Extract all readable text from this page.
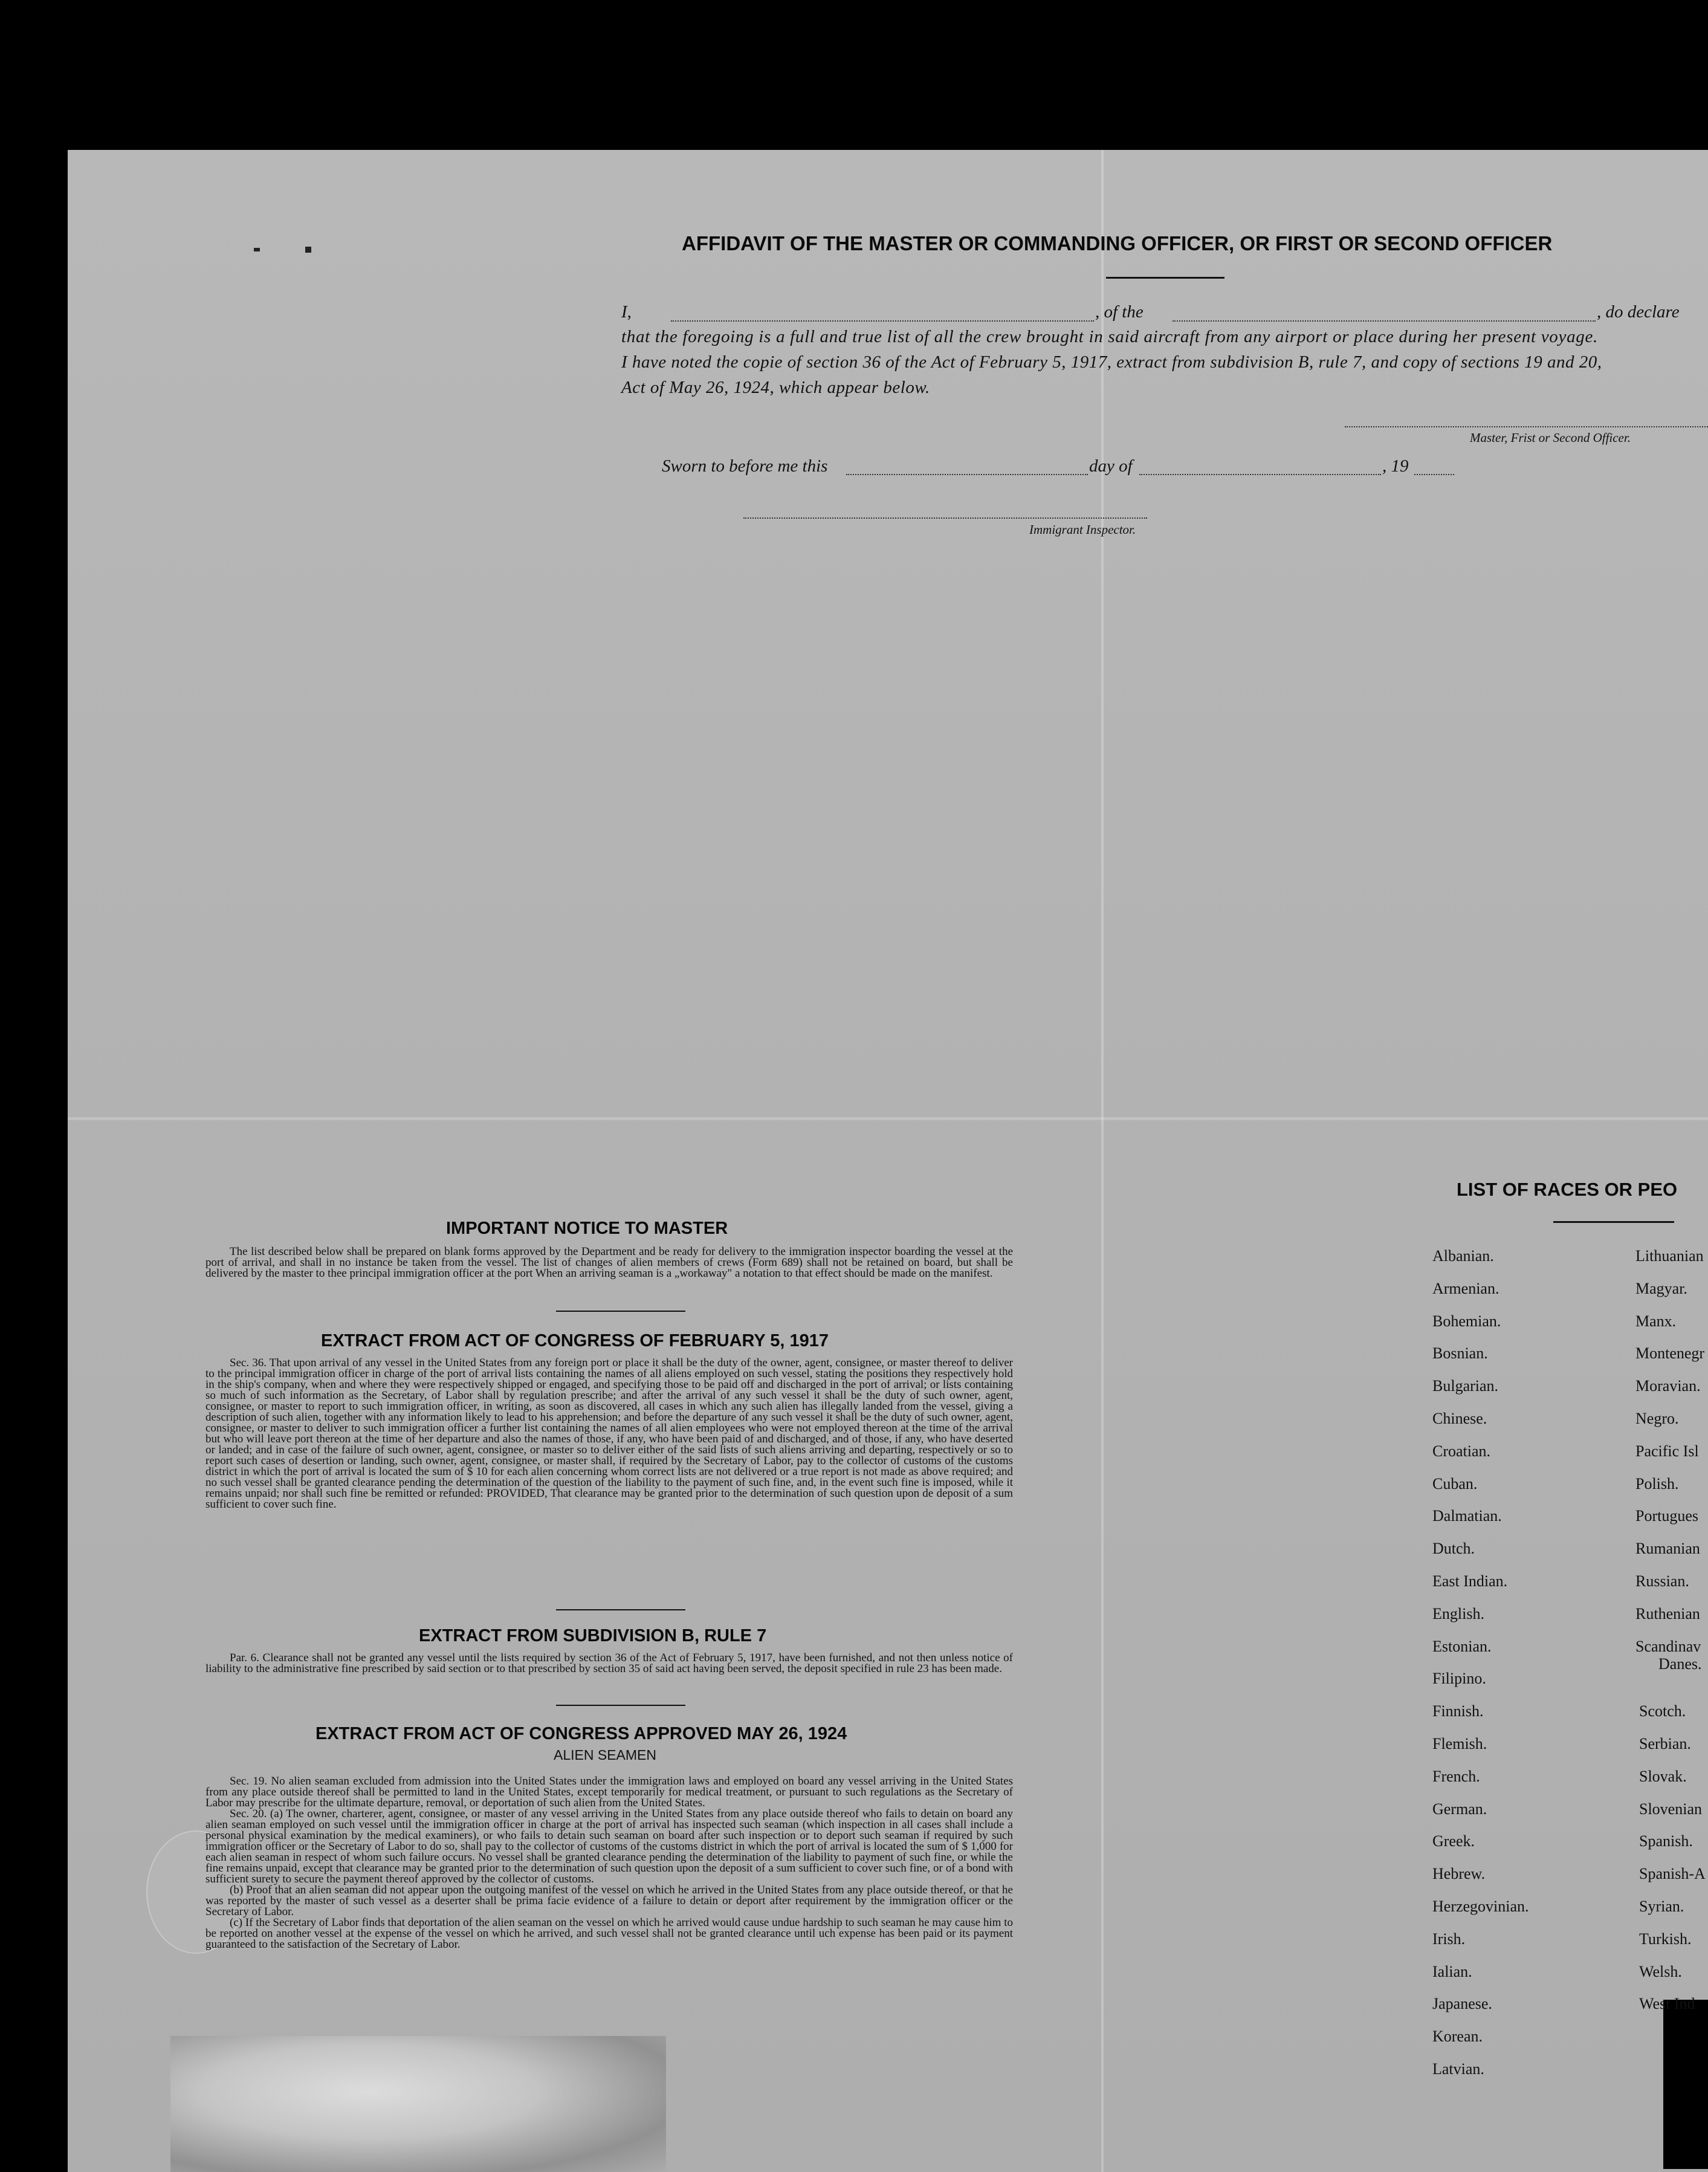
AFFIDAVIT OF THE MASTER OR COMMANDING OFFICER, OR FIRST OR SECOND OFFICER
I,	, of the	, do declare
that the foregoing is a full and true list of all the crew brought in said aircraft from any airport or place during her present voyage.
I have noted the copie of section 36 of the Act of February 5, 1917, extract from subdivision B, rule 7, and copy of sections 19 and 20,
Act of May 26, 1924, which appear below.
Master, Frist or Second Officer.
Sworn to before me this	day of	, 19
Immigrant Inspector.
IMPORTANT NOTICE TO MASTER

The list described below shall be prepared on blank forms approved by the Department and be ready for delivery to the immigration inspector boarding the vessel at the port of arrival, and shall in no instance be taken from the vessel. The list of changes of alien members of crews (Form 689) shall not be retained on board, but shall be delivered by the master to thee principal immigration officer at the port When an arriving seaman is a „workaway" a notation to that effect should be made on the manifest.

EXTRACT FROM ACT OF CONGRESS OF FEBRUARY 5, 1917

Sec. 36. That upon arrival of any vessel in the United States from any foreign port or place it shall be the duty of the owner, agent, consignee, or master thereof to deliver to the principal immigration officer in charge of the port of arrival lists containing the names of all aliens employed on such vessel, stating the positions they respectively hold in the ship's company, when and where they were respectively shipped or engaged, and specifying those to be paid off and discharged in the port of arrival; or lists containing so much of such information as the Secretary, of Labor shall by regulation prescribe; and after the arrival of any such vessel it shall be the duty of such owner, agent, consignee, or master to report to such immigration officer, in writing, as soon as discovered, all cases in which any such alien has illegally landed from the vessel, giving a description of such alien, together with any information likely to lead to his apprehension; and before the departure of any such vessel it shall be the duty of such owner, agent, consignee, or master to deliver to such immigration officer a further list containing the names of all alien employees who were not employed thereon at the time of the arrival but who will leave port thereon at the time of her departure and also the names of those, if any, who have been paid of and discharged, and of those, if any, who have deserted or landed; and in case of the failure of such owner, agent, consignee, or master so to deliver either of the said lists of such aliens arriving and departing, respectively or so to report such cases of desertion or landing, such owner, agent, consignee, or master shall, if required by the Secretary of Labor, pay to the collector of customs of the customs district in which the port of arrival is located the sum of $ 10 for each alien concerning whom correct lists are not delivered or a true report is not made as above required; and no such vessel shall be granted clearance pending the determination of the question of the liability to the payment of such fine, and, in the event such fine is imposed, while it remains unpaid; nor shall such fine be remitted or refunded: PROVIDED, That clearance may be granted prior to the determination of such question upon de deposit of a sum sufficient to cover such fine.

EXTRACT FROM SUBDIVISION B, RULE 7

Par. 6. Clearance shall not be granted any vessel until the lists required by section 36 of the Act of February 5, 1917, have been furnished, and not then unless notice of liability to the administrative fine prescribed by said section or to that prescribed by section 35 of said act having been served, the deposit specified in rule 23 has been made.

EXTRACT FROM ACT OF CONGRESS APPROVED MAY 26, 1924
ALIEN SEAMEN

Sec. 19. No alien seaman excluded from admission into the United States under the immigration laws and employed on board any vessel arriving in the United States from any place outside thereof shall be permitted to land in the United States, except temporarily for medical treatment, or pursuant to such regulations as the Secretary of Labor may prescribe for the ultimate departure, removal, or deportation of such alien from the United States.

Sec. 20. (a) The owner, charterer, agent, consignee, or master of any vessel arriving in the United States from any place outside thereof who fails to detain on board any alien seaman employed on such vessel until the immigration officer in charge at the port of arrival has inspected such seaman (which inspection in all cases shall include a personal physical examination by the medical examiners), or who fails to detain such seaman on board after such inspection or to deport such seaman if required by such immigration officer or the Secretary of Labor to do so, shall pay to the collector of customs of the customs district in which the port of arrival is located the sum of $ 1,000 for each alien seaman in respect of whom such failure occurs. No vessel shall be granted clearance pending the determination of the liability to payment of such fine, or while the fine remains unpaid, except that clearance may be granted prior to the determination of such question upon the deposit of a sum sufficient to cover such fine, or of a bond with sufficient surety to secure the payment thereof approved by the collector of customs.

(b) Proof that an alien seaman did not appear upon the outgoing manifest of the vessel on which he arrived in the United States from any place outside thereof, or that he was reported by the master of such vessel as a deserter shall be prima facie evidence of a failure to detain or deport after requirement by the immigration officer or the Secretary of Labor.

(c) If the Secretary of Labor finds that deportation of the alien seaman on the vessel on which he arrived would cause undue hardship to such seaman he may cause him to be reported on another vessel at the expense of the vessel on which he arrived, and such vessel shall not be granted clearance until uch expense has been paid or its payment guaranteed to the satisfaction of the Secretary of Labor.

LIST OF RACES OR PEO
Albanian.
Armenian.
Bohemian.
Bosnian.
Bulgarian.
Chinese.
Croatian.
Cuban.
Dalmatian.
Dutch.
East Indian.
English.
Estonian.
Filipino.
Finnish.
Flemish.
French.
German.
Greek.
Hebrew.
Herzegovinian.
Irish.
Ialian.
Japanese.
Korean.
Latvian.
Lithuanian
Magyar.
Manx.
Montenegr
Moravian.
Negro.
Pacific Isl
Polish.
Portugues
Rumanian
Russian.
Ruthenian
Scandinav
Danes.
Scotch.
Serbian.
Slovak.
Slovenian
Spanish.
Spanish-A
Syrian.
Turkish.
Welsh.
West Ind
